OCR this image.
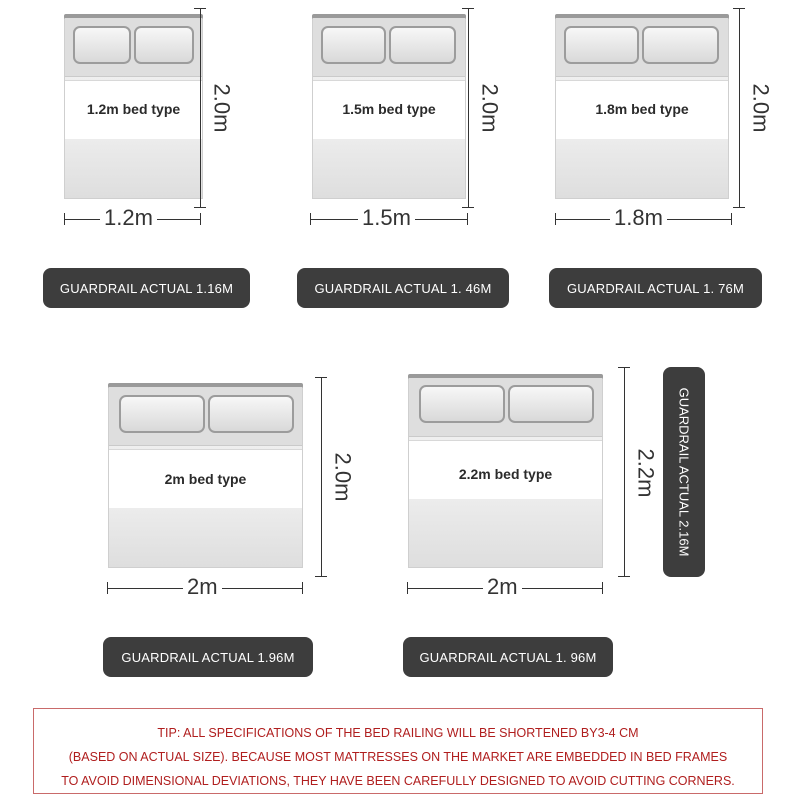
1.2m bed type	2.0m
1.2m
GUARDRAIL ACTUAL 1.16M
1.5m bed type	2.0m
1.5m
GUARDRAIL ACTUAL 1. 46M
1.8m bed type	2.0m
1.8m
GUARDRAIL ACTUAL 1. 76M
2m bed type	2.0m
2m
GUARDRAIL ACTUAL 1.96M
2.2m bed type	2.2m
2m
GUARDRAIL ACTUAL 1. 96M
GUARDRAIL ACTUAL 2.16M
TIP: ALL SPECIFICATIONS OF THE BED RAILING WILL BE SHORTENED BY3-4 CM
(BASED ON ACTUAL SIZE). BECAUSE MOST MATTRESSES ON THE MARKET ARE EMBEDDED IN BED FRAMES
TO AVOID DIMENSIONAL DEVIATIONS, THEY HAVE BEEN CAREFULLY DESIGNED TO AVOID CUTTING CORNERS.
